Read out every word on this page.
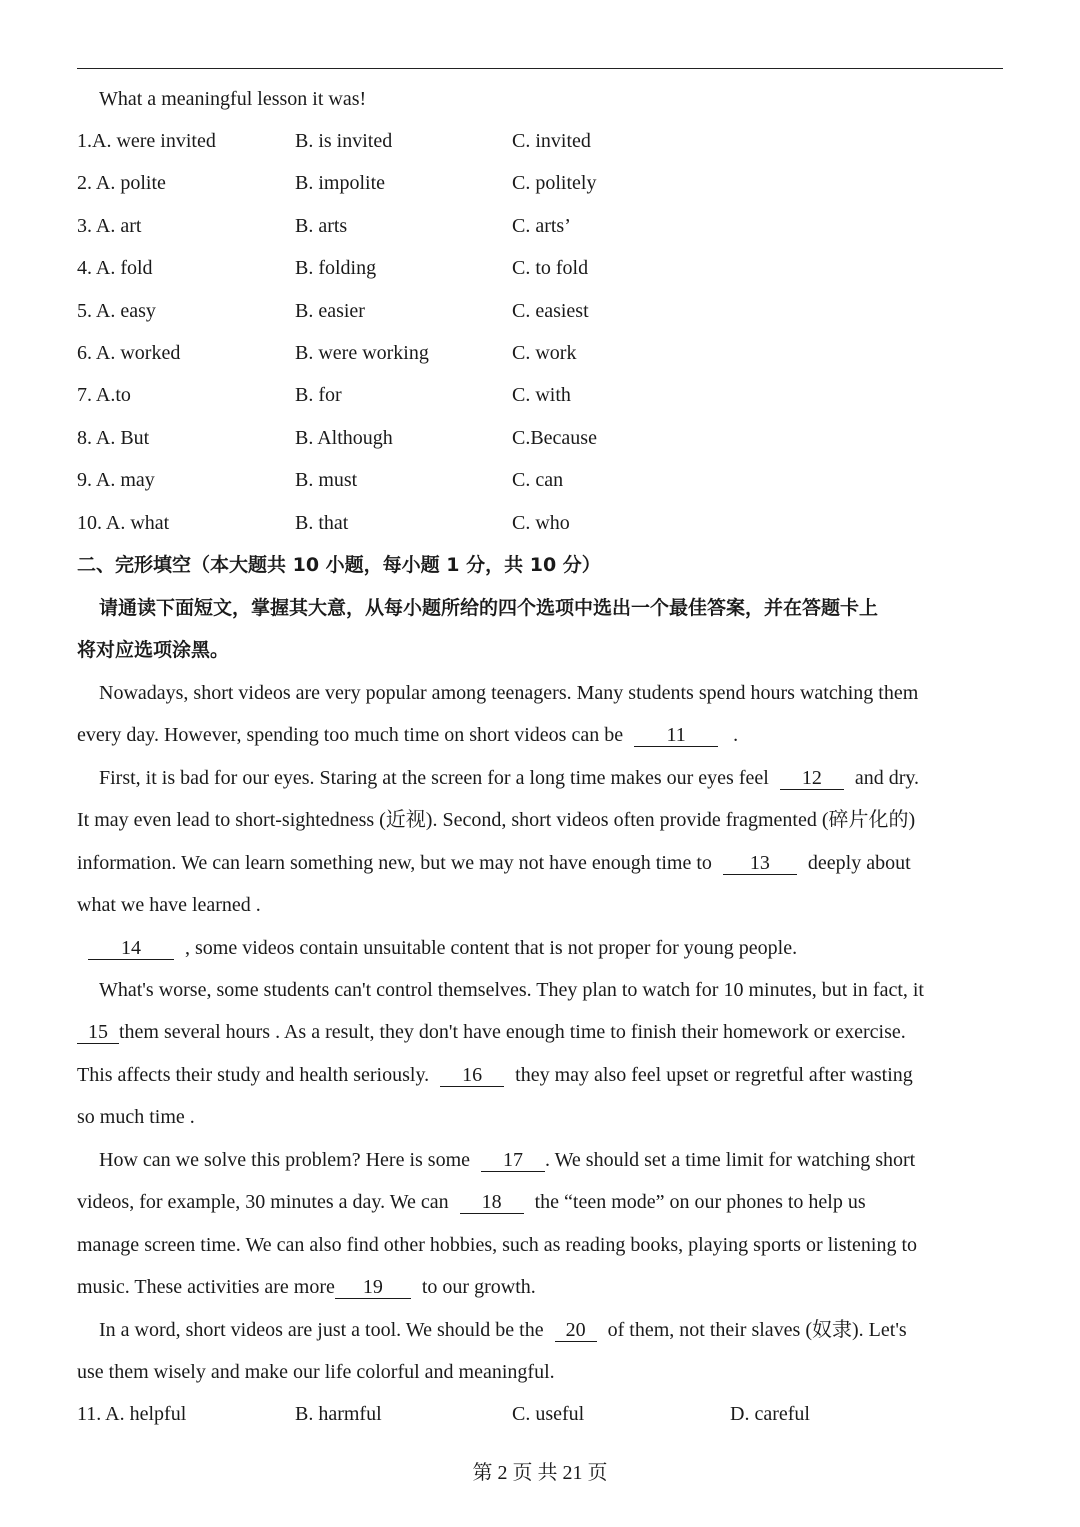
What a meaningful lesson it was!
1.A. were invited	B. is invited	C. invited
2. A. polite	B. impolite	C. politely
3. A. art	B. arts	C. arts’
4. A. fold	B. folding	C. to fold
5. A. easy	B. easier	C. easiest
6. A. worked	B. were working	C. work
7. A.to	B. for	C. with
8. A. But	B. Although	C.Because
9. A. may	B. must	C. can
10. A. what	B. that	C. who
二、完形填空（本大题共 10 小题，每小题 1 分，共 10 分）
请通读下面短文，掌握其大意，从每小题所给的四个选项中选出一个最佳答案，并在答题卡上
将对应选项涂黑。
Nowadays, short videos are very popular among teenagers. Many students spend hours watching them
every day. However, spending too much time on short videos can be 11 .
First, it is bad for our eyes. Staring at the screen for a long time makes our eyes feel 12 and dry.
It may even lead to short-sightedness (近视). Second, short videos often provide fragmented (碎片化的)
information. We can learn something new, but we may not have enough time to 13 deeply about
what we have learned .
14 , some videos contain unsuitable content that is not proper for young people.
What's worse, some students can't control themselves. They plan to watch for 10 minutes, but in fact, it
15 them several hours . As a result, they don't have enough time to finish their homework or exercise.
This affects their study and health seriously. 16 they may also feel upset or regretful after wasting
so much time .
How can we solve this problem? Here is some 17 . We should set a time limit for watching short
videos, for example, 30 minutes a day. We can 18 the “teen mode” on our phones to help us
manage screen time. We can also find other hobbies, such as reading books, playing sports or listening to
music. These activities are more 19 to our growth.
In a word, short videos are just a tool. We should be the 20 of them, not their slaves (奴隶). Let's
use them wisely and make our life colorful and meaningful.
11. A. helpful	B. harmful	C. useful	D. careful
第 2 页 共 21 页
